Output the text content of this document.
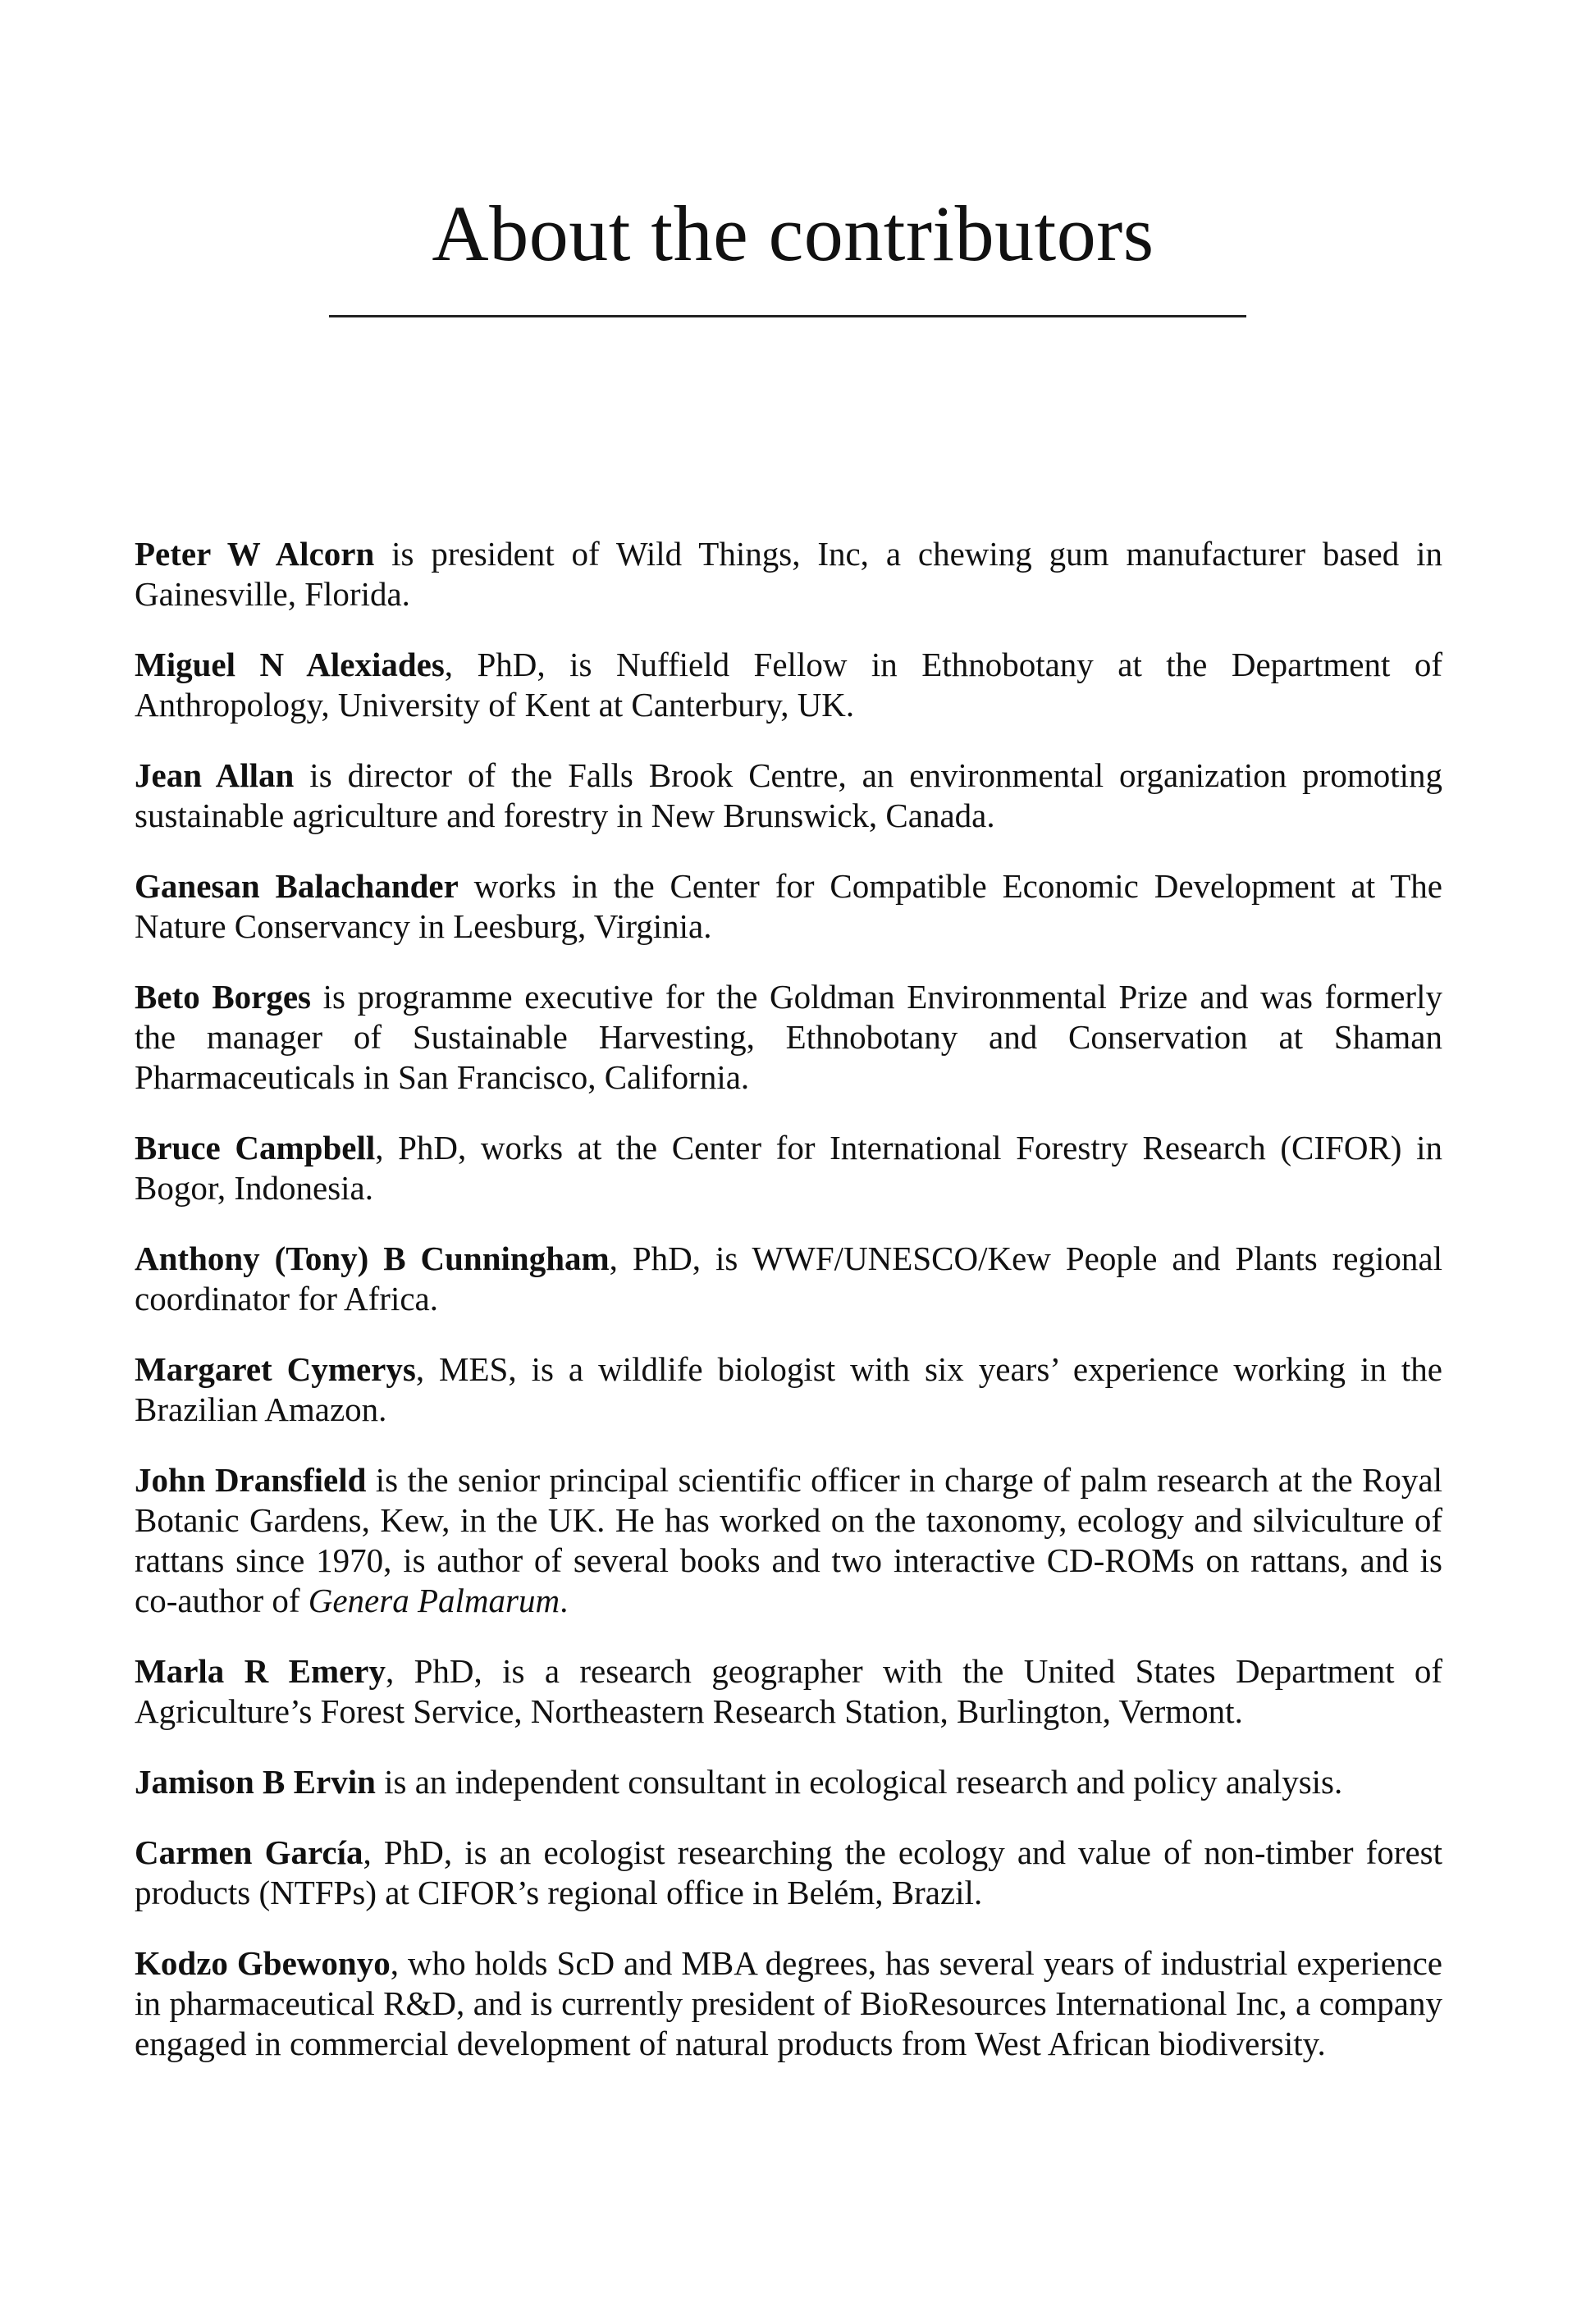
About the contributors

Peter W Alcorn is president of Wild Things, Inc, a chewing gum manufacturer based in Gainesville, Florida.

Miguel N Alexiades, PhD, is Nuffield Fellow in Ethnobotany at the Department of Anthropology, University of Kent at Canterbury, UK.

Jean Allan is director of the Falls Brook Centre, an environmental organization promoting sustainable agriculture and forestry in New Brunswick, Canada.

Ganesan Balachander works in the Center for Compatible Economic Development at The Nature Conservancy in Leesburg, Virginia.

Beto Borges is programme executive for the Goldman Environmental Prize and was formerly the manager of Sustainable Harvesting, Ethnobotany and Conservation at Shaman Pharmaceuticals in San Francisco, California.

Bruce Campbell, PhD, works at the Center for International Forestry Research (CIFOR) in Bogor, Indonesia.

Anthony (Tony) B Cunningham, PhD, is WWF/UNESCO/Kew People and Plants regional coordinator for Africa.

Margaret Cymerys, MES, is a wildlife biologist with six years’ experience working in the Brazilian Amazon.

John Dransfield is the senior principal scientific officer in charge of palm research at the Royal Botanic Gardens, Kew, in the UK. He has worked on the taxonomy, ecology and silviculture of rattans since 1970, is author of several books and two interactive CD-ROMs on rattans, and is co-author of Genera Palmarum.

Marla R Emery, PhD, is a research geographer with the United States Department of Agriculture’s Forest Service, Northeastern Research Station, Burlington, Vermont.

Jamison B Ervin is an independent consultant in ecological research and policy analysis.

Carmen García, PhD, is an ecologist researching the ecology and value of non-timber forest products (NTFPs) at CIFOR’s regional office in Belém, Brazil.

Kodzo Gbewonyo, who holds ScD and MBA degrees, has several years of industrial experience in pharmaceutical R&D, and is currently president of BioResources International Inc, a company engaged in commercial development of natural products from West African biodiversity.
